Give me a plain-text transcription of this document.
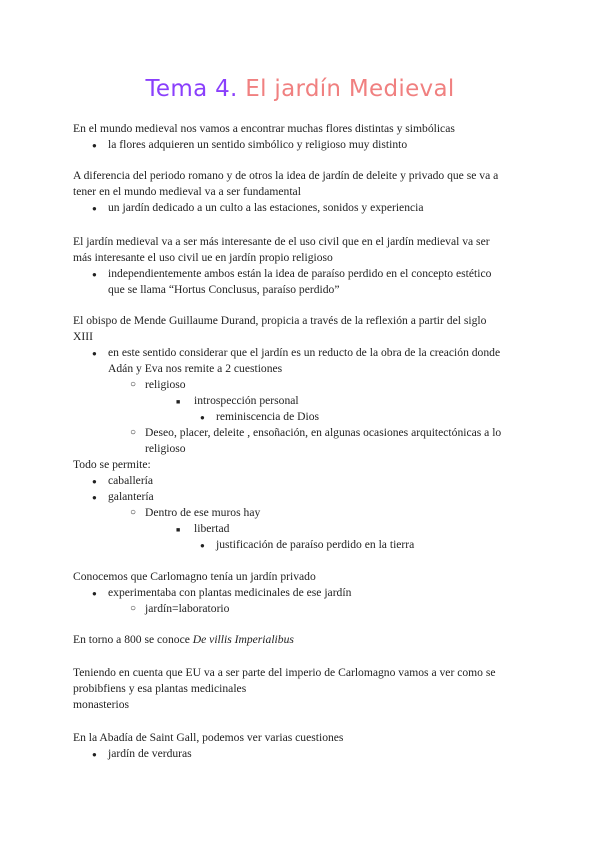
Tema 4. El jardín Medieval
En el mundo medieval nos vamos a encontrar muchas flores distintas y simbólicas
● la flores adquieren un sentido simbólico y religioso muy distinto
A diferencia del periodo romano y de otros la idea de jardín de deleite y privado que se va a
tener en el mundo medieval va a ser fundamental
● un jardín dedicado a un culto a las estaciones, sonidos y experiencia
El jardín medieval va a ser más interesante de el uso civil que en el jardín medieval va ser
más interesante el uso civil ue en jardín propio religioso
● independientemente ambos están la idea de paraíso perdido en el concepto estético
que se llama “Hortus Conclusus, paraíso perdido”
El obispo de Mende Guillaume Durand, propicia a través de la reflexión a partir del siglo
XIII
● en este sentido considerar que el jardín es un reducto de la obra de la creación donde
Adán y Eva nos remite a 2 cuestiones
○ religioso
■ introspección personal
● reminiscencia de Dios
○ Deseo, placer, deleite , ensoñación, en algunas ocasiones arquitectónicas a lo
religioso
Todo se permite:
● caballería
● galantería
○ Dentro de ese muros hay
■ libertad
● justificación de paraíso perdido en la tierra
Conocemos que Carlomagno tenía un jardín privado
● experimentaba con plantas medicinales de ese jardín
○ jardín=laboratorio
En torno a 800 se conoce De villis Imperialibus
Teniendo en cuenta que EU va a ser parte del imperio de Carlomagno vamos a ver como se
probibfiens y esa plantas medicinales
monasterios
En la Abadía de Saint Gall, podemos ver varias cuestiones
● jardín de verduras
